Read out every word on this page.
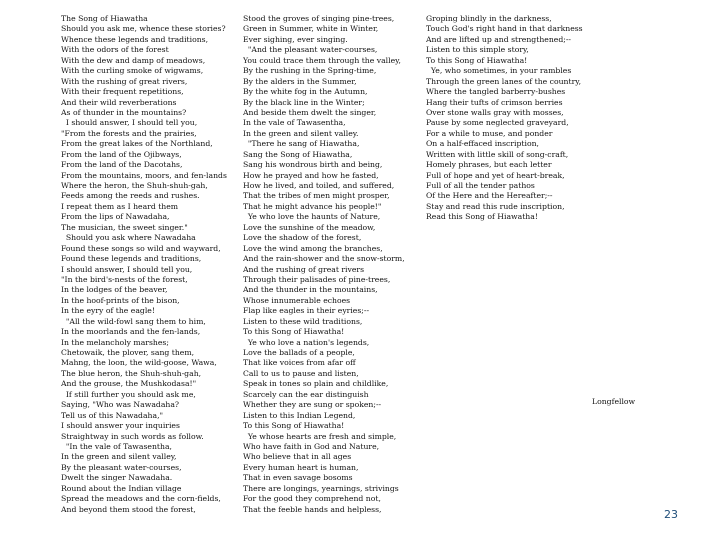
The Song of Hiawatha
Should you ask me, whence these stories?
Whence these legends and traditions,
With the odors of the forest
With the dew and damp of meadows,
With the curling smoke of wigwams,
With the rushing of great rivers,
With their frequent repetitions,
And their wild reverberations
As of thunder in the mountains?
I should answer, I should tell you,
"From the forests and the prairies,
From the great lakes of the Northland,
From the land of the Ojibways,
From the land of the Dacotahs,
From the mountains, moors, and fen-lands
Where the heron, the Shuh-shuh-gah,
Feeds among the reeds and rushes.
I repeat them as I heard them
From the lips of Nawadaha,
The musician, the sweet singer."
Should you ask where Nawadaha
Found these songs so wild and wayward,
Found these legends and traditions,
I should answer, I should tell you,
"In the bird's-nests of the forest,
In the lodges of the beaver,
In the hoof-prints of the bison,
In the eyry of the eagle!
"All the wild-fowl sang them to him,
In the moorlands and the fen-lands,
In the melancholy marshes;
Chetowaik, the plover, sang them,
Mahng, the loon, the wild-goose, Wawa,
The blue heron, the Shuh-shuh-gah,
And the grouse, the Mushkodasa!"
If still further you should ask me,
Saying, "Who was Nawadaha?
Tell us of this Nawadaha,"
I should answer your inquiries
Straightway in such words as follow.
"In the vale of Tawasentha,
In the green and silent valley,
By the pleasant water-courses,
Dwelt the singer Nawadaha.
Round about the Indian village
Spread the meadows and the corn-fields,
And beyond them stood the forest,
Stood the groves of singing pine-trees,
Green in Summer, white in Winter,
Ever sighing, ever singing.
"And the pleasant water-courses,
You could trace them through the valley,
By the rushing in the Spring-time,
By the alders in the Summer,
By the white fog in the Autumn,
By the black line in the Winter;
And beside them dwelt the singer,
In the vale of Tawasentha,
In the green and silent valley.
"There he sang of Hiawatha,
Sang the Song of Hiawatha,
Sang his wondrous birth and being,
How he prayed and how he fasted,
How he lived, and toiled, and suffered,
That the tribes of men might prosper,
That he might advance his people!"
Ye who love the haunts of Nature,
Love the sunshine of the meadow,
Love the shadow of the forest,
Love the wind among the branches,
And the rain-shower and the snow-storm,
And the rushing of great rivers
Through their palisades of pine-trees,
And the thunder in the mountains,
Whose innumerable echoes
Flap like eagles in their eyries;--
Listen to these wild traditions,
To this Song of Hiawatha!
Ye who love a nation's legends,
Love the ballads of a people,
That like voices from afar off
Call to us to pause and listen,
Speak in tones so plain and childlike,
Scarcely can the ear distinguish
Whether they are sung or spoken;--
Listen to this Indian Legend,
To this Song of Hiawatha!
Ye whose hearts are fresh and simple,
Who have faith in God and Nature,
Who believe that in all ages
Every human heart is human,
That in even savage bosoms
There are longings, yearnings, strivings
For the good they comprehend not,
That the feeble hands and helpless,
Groping blindly in the darkness,
Touch God's right hand in that darkness
And are lifted up and strengthened;--
Listen to this simple story,
To this Song of Hiawatha!
Ye, who sometimes, in your rambles
Through the green lanes of the country,
Where the tangled barberry-bushes
Hang their tufts of crimson berries
Over stone walls gray with mosses,
Pause by some neglected graveyard,
For a while to muse, and ponder
On a half-effaced inscription,
Written with little skill of song-craft,
Homely phrases, but each letter
Full of hope and yet of heart-break,
Full of all the tender pathos
Of the Here and the Hereafter;--
Stay and read this rude inscription,
Read this Song of Hiawatha!
Longfellow
23
